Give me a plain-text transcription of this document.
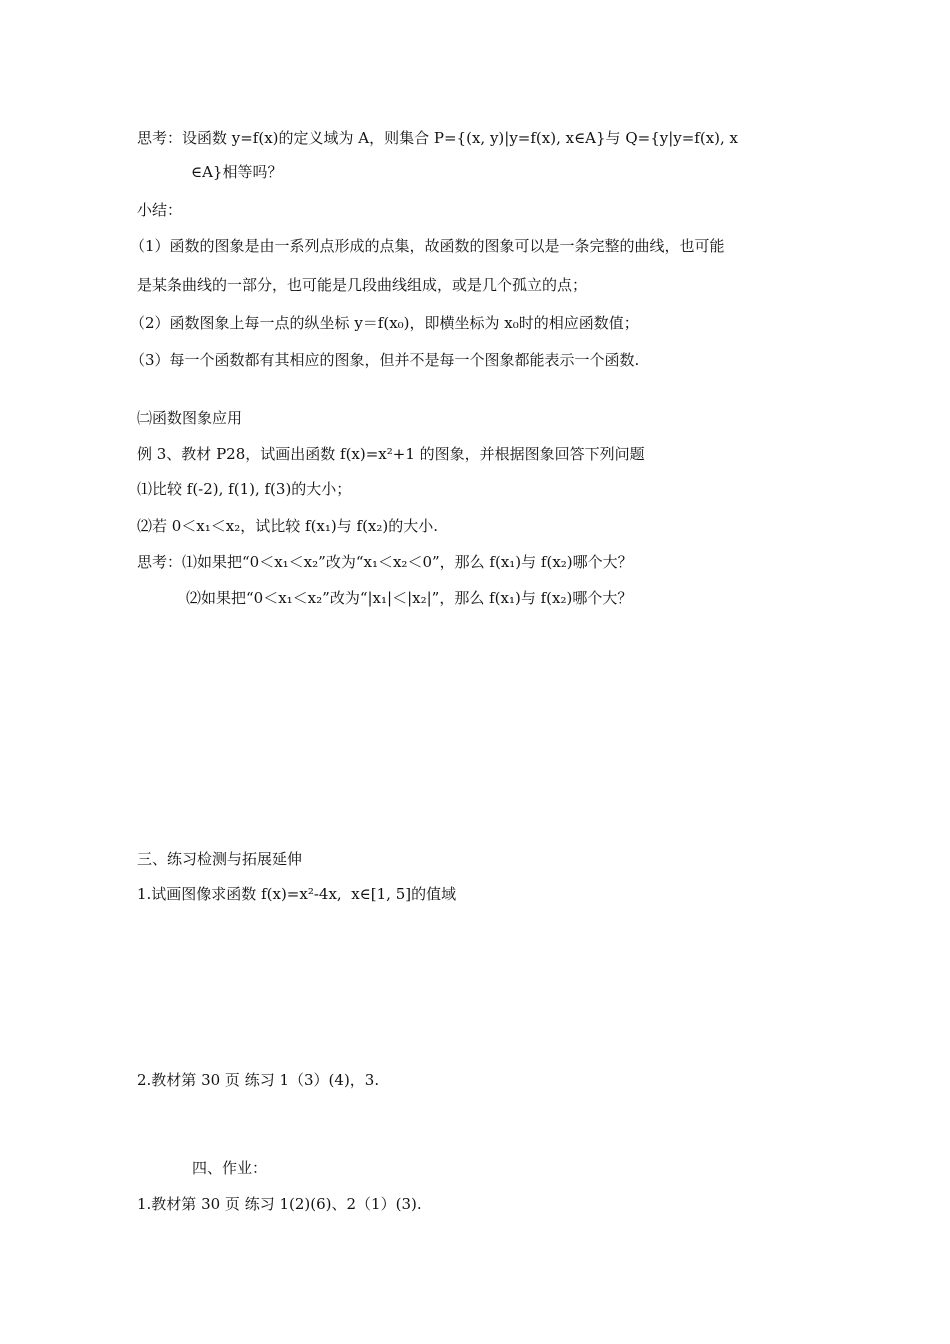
思考：设函数 y=f(x)的定义域为 A，则集合 P={(x, y)|y=f(x), x∈A}与 Q={y|y=f(x), x
∈A}相等吗？
小结：
（1）函数的图象是由一系列点形成的点集，故函数的图象可以是一条完整的曲线，也可能
是某条曲线的一部分，也可能是几段曲线组成，或是几个孤立的点；
（2）函数图象上每一点的纵坐标 y＝f(x₀)，即横坐标为 x₀时的相应函数值；
（3）每一个函数都有其相应的图象，但并不是每一个图象都能表示一个函数.
㈡函数图象应用
例 3、教材 P28，试画出函数 f(x)=x²+1 的图象，并根据图象回答下列问题
⑴比较 f(-2), f(1), f(3)的大小；
⑵若 0＜x₁＜x₂，试比较 f(x₁)与 f(x₂)的大小.
思考：⑴如果把“0＜x₁＜x₂”改为“x₁＜x₂＜0”，那么 f(x₁)与 f(x₂)哪个大？
⑵如果把“0＜x₁＜x₂”改为“|x₁|＜|x₂|”，那么 f(x₁)与 f(x₂)哪个大？
三、练习检测与拓展延伸
1.试画图像求函数 f(x)=x²-4x,  x∈[1, 5]的值域
2.教材第 30 页 练习 1（3）(4)，3.
四、作业：
1.教材第 30 页 练习 1(2)(6)、2（1）(3).
